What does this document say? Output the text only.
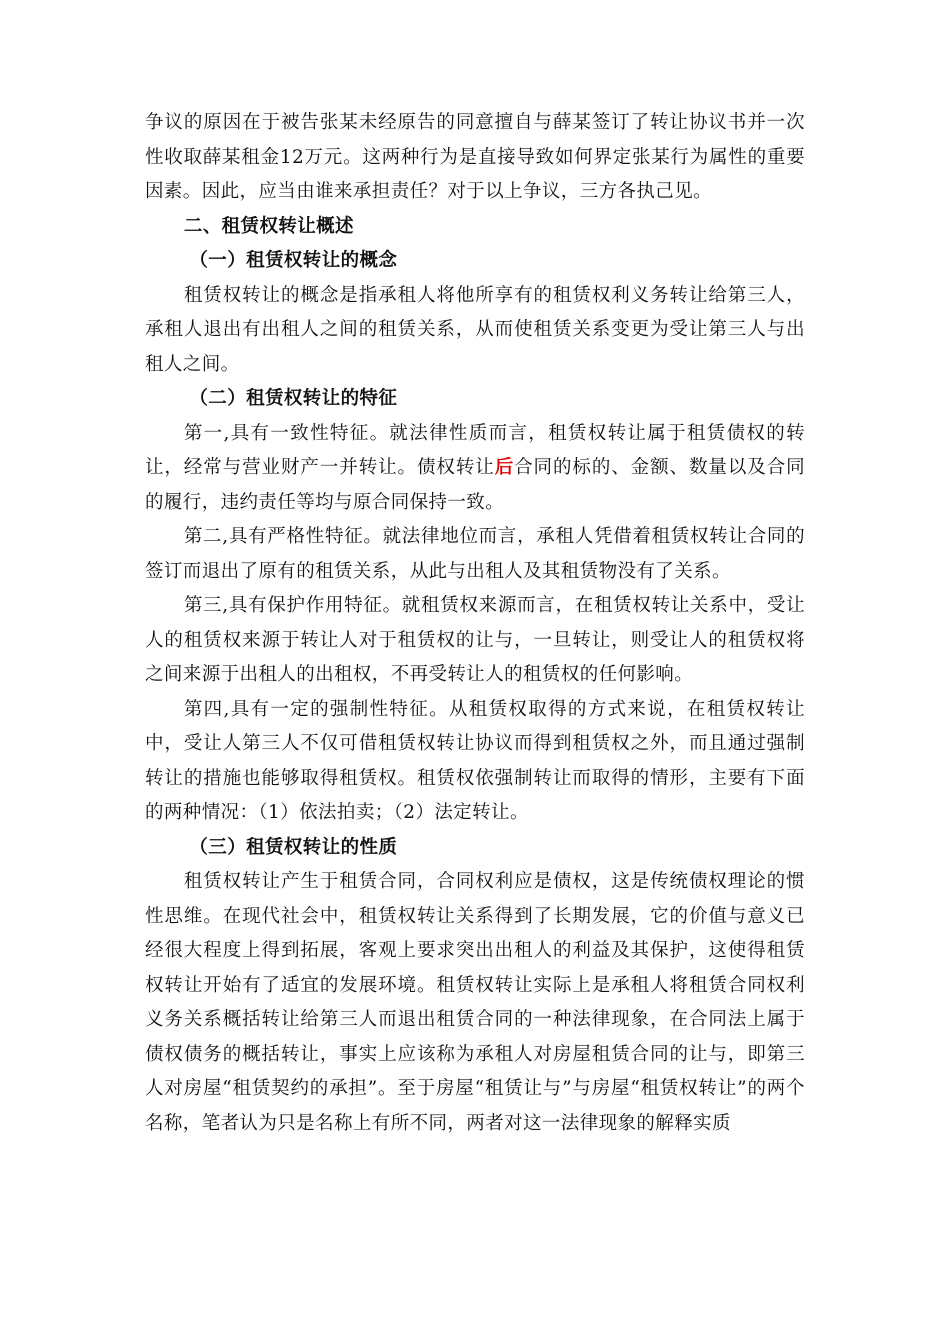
争议的原因在于被告张某未经原告的同意擅自与薛某签订了转让协议书并一次性收取薛某租金12万元。这两种行为是直接导致如何界定张某行为属性的重要因素。因此，应当由谁来承担责任？对于以上争议，三方各执己见。

二、租赁权转让概述

（一）租赁权转让的概念

租赁权转让的概念是指承租人将他所享有的租赁权利义务转让给第三人，承租人退出有出租人之间的租赁关系，从而使租赁关系变更为受让第三人与出租人之间。

（二）租赁权转让的特征

第一,具有一致性特征。就法律性质而言，租赁权转让属于租赁债权的转让，经常与营业财产一并转让。债权转让后合同的标的、金额、数量以及合同的履行，违约责任等均与原合同保持一致。

第二,具有严格性特征。就法律地位而言，承租人凭借着租赁权转让合同的签订而退出了原有的租赁关系，从此与出租人及其租赁物没有了关系。

第三,具有保护作用特征。就租赁权来源而言，在租赁权转让关系中，受让人的租赁权来源于转让人对于租赁权的让与，一旦转让，则受让人的租赁权将之间来源于出租人的出租权，不再受转让人的租赁权的任何影响。

第四,具有一定的强制性特征。从租赁权取得的方式来说，在租赁权转让中，受让人第三人不仅可借租赁权转让协议而得到租赁权之外，而且通过强制转让的措施也能够取得租赁权。租赁权依强制转让而取得的情形，主要有下面的两种情况：（1）依法拍卖；（2）法定转让。

（三）租赁权转让的性质

租赁权转让产生于租赁合同，合同权利应是债权，这是传统债权理论的惯性思维。在现代社会中，租赁权转让关系得到了长期发展，它的价值与意义已经很大程度上得到拓展，客观上要求突出出租人的利益及其保护，这使得租赁权转让开始有了适宜的发展环境。租赁权转让实际上是承租人将租赁合同权利义务关系概括转让给第三人而退出租赁合同的一种法律现象，在合同法上属于债权债务的概括转让，事实上应该称为承租人对房屋租赁合同的让与，即第三人对房屋“租赁契约的承担”。至于房屋“租赁让与”与房屋“租赁权转让”的两个名称，笔者认为只是名称上有所不同，两者对这一法律现象的解释实质
